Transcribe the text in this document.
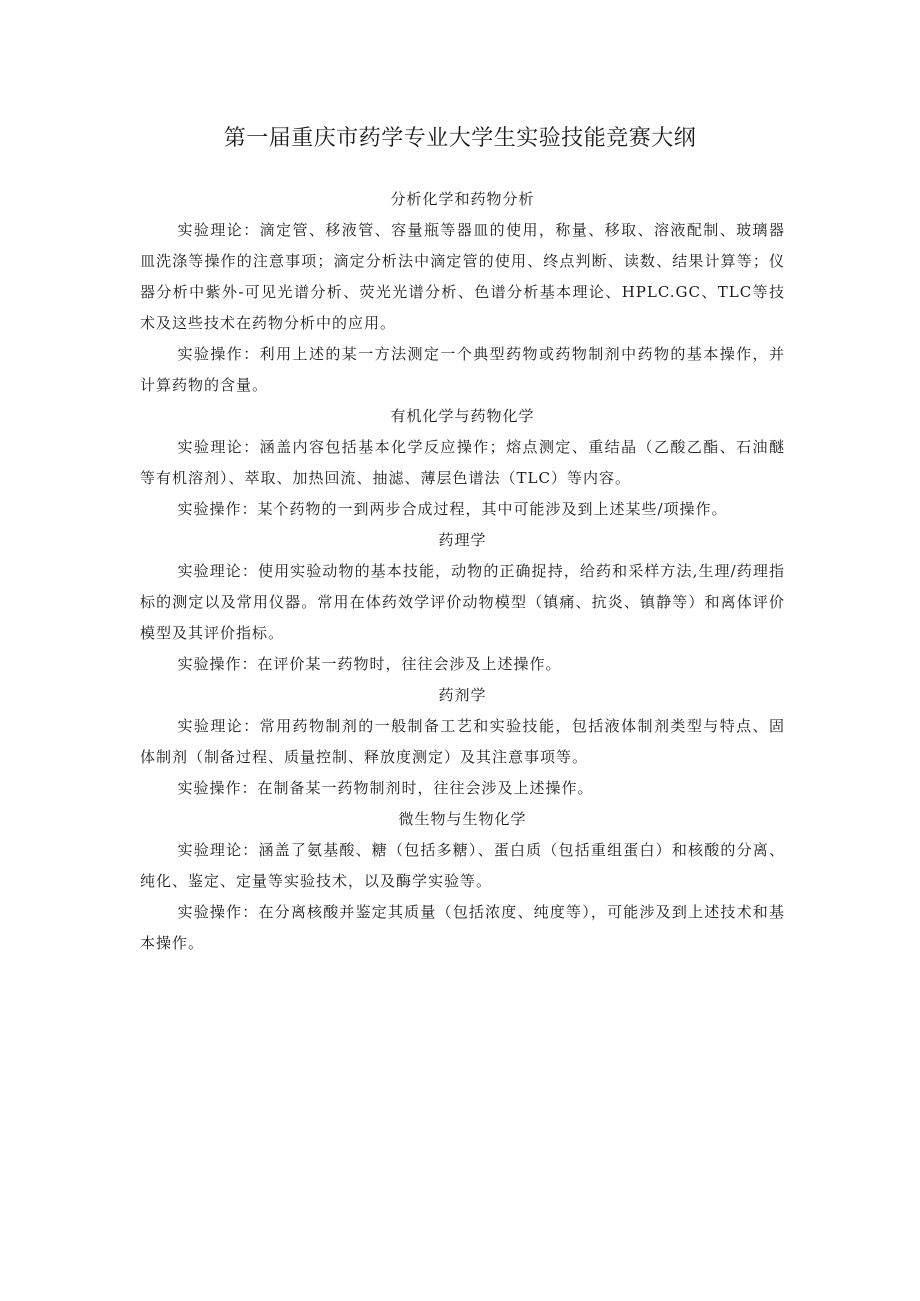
第一届重庆市药学专业大学生实验技能竞赛大纲
分析化学和药物分析

实验理论：滴定管、移液管、容量瓶等器皿的使用，称量、移取、溶液配制、玻璃器皿洗涤等操作的注意事项；滴定分析法中滴定管的使用、终点判断、读数、结果计算等；仪器分析中紫外-可见光谱分析、荧光光谱分析、色谱分析基本理论、HPLC.GC、TLC等技术及这些技术在药物分析中的应用。

实验操作：利用上述的某一方法测定一个典型药物或药物制剂中药物的基本操作，并计算药物的含量。

有机化学与药物化学

实验理论：涵盖内容包括基本化学反应操作；熔点测定、重结晶（乙酸乙酯、石油醚等有机溶剂）、萃取、加热回流、抽滤、薄层色谱法（TLC）等内容。

实验操作：某个药物的一到两步合成过程，其中可能涉及到上述某些/项操作。

药理学

实验理论：使用实验动物的基本技能，动物的正确捉持，给药和采样方法,生理/药理指标的测定以及常用仪器。常用在体药效学评价动物模型（镇痛、抗炎、镇静等）和离体评价模型及其评价指标。

实验操作：在评价某一药物时，往往会涉及上述操作。

药剂学

实验理论：常用药物制剂的一般制备工艺和实验技能，包括液体制剂类型与特点、固体制剂（制备过程、质量控制、释放度测定）及其注意事项等。

实验操作：在制备某一药物制剂时，往往会涉及上述操作。

微生物与生物化学

实验理论：涵盖了氨基酸、糖（包括多糖）、蛋白质（包括重组蛋白）和核酸的分离、纯化、鉴定、定量等实验技术，以及酶学实验等。

实验操作：在分离核酸并鉴定其质量（包括浓度、纯度等），可能涉及到上述技术和基本操作。
